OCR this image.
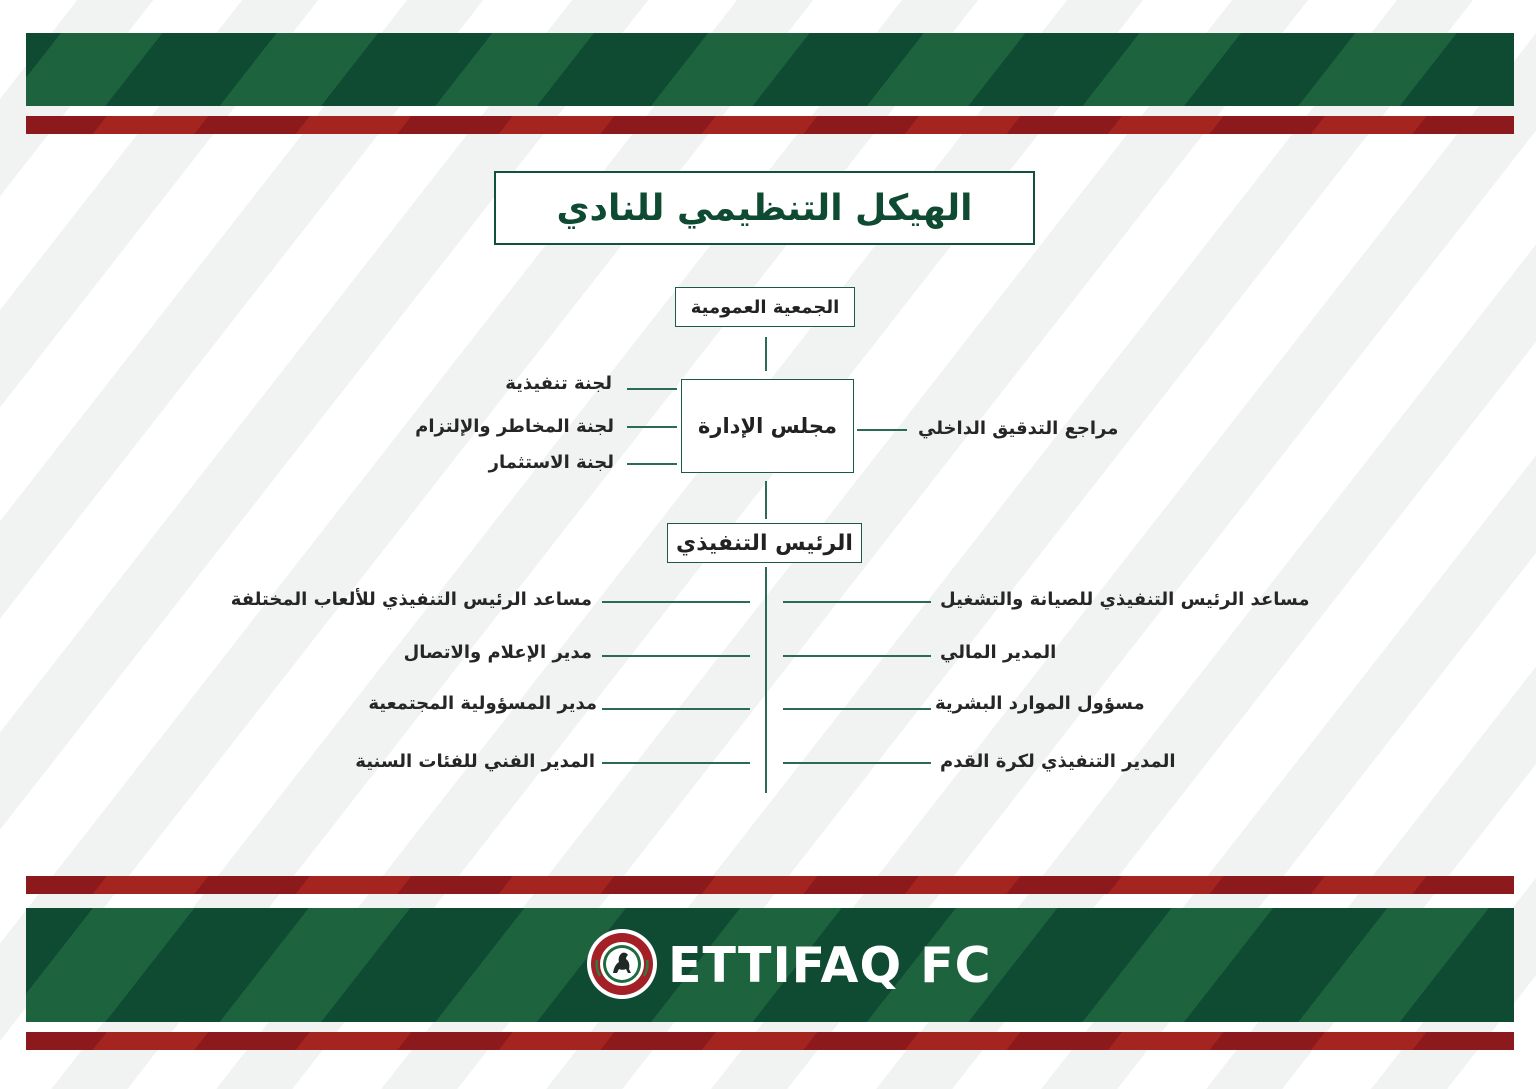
الهيكل التنظيمي للنادي
الجمعية العمومية
مجلس الإدارة
الرئيس التنفيذي
لجنة تنفيذية
لجنة المخاطر والإلتزام
لجنة الاستثمار
مراجع التدقيق الداخلي
مساعد الرئيس التنفيذي للألعاب المختلفة
مدير الإعلام والاتصال
مدير المسؤولية المجتمعية
المدير الفني للفئات السنية
مساعد الرئيس التنفيذي للصيانة والتشغيل
المدير المالي
مسؤول الموارد البشرية
المدير التنفيذي لكرة القدم
ETTIFAQ FC
